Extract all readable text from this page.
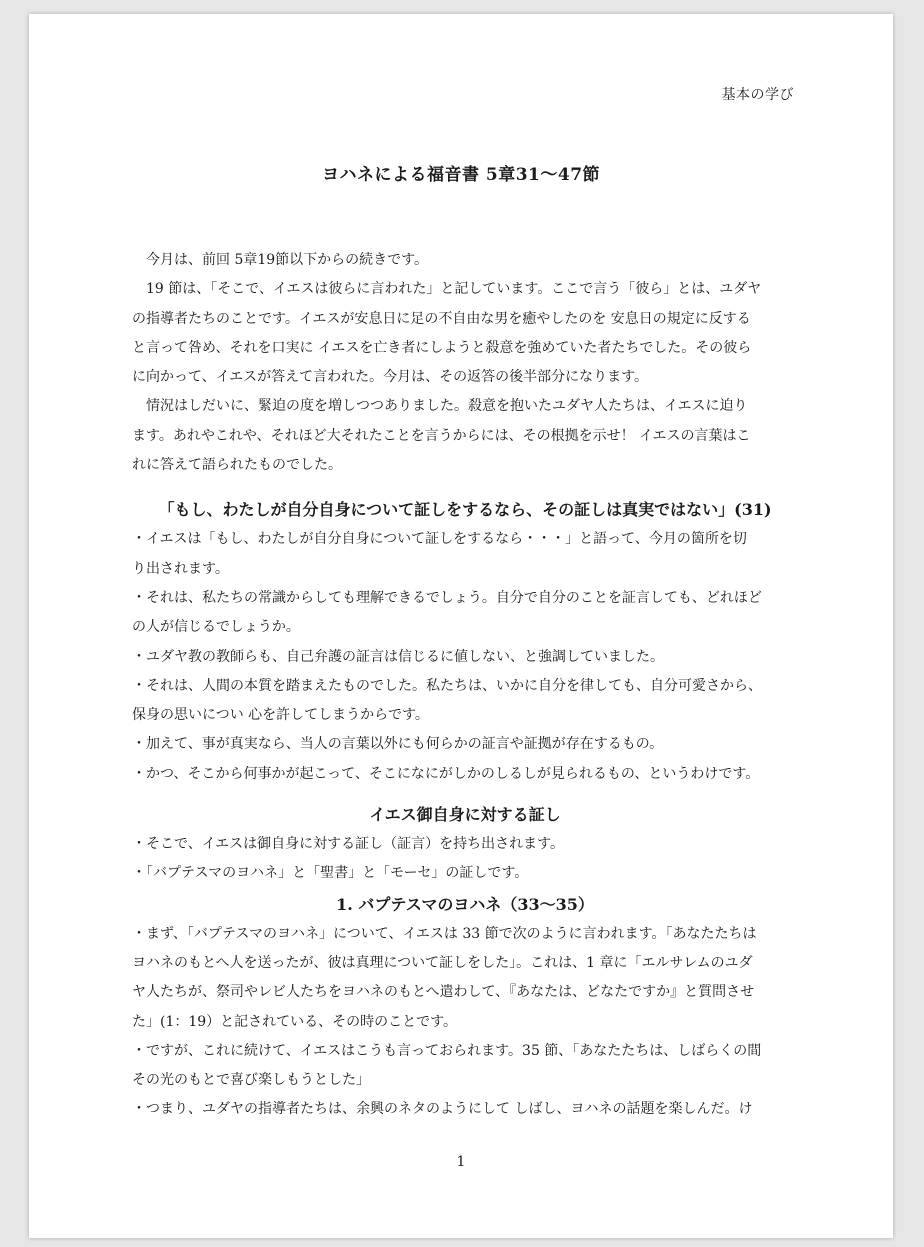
基本の学び
ヨハネによる福音書 5章31～47節
今月は、前回 5章19節以下からの続きです。
19 節は、「そこで、イエスは彼らに言われた」と記しています。ここで言う「彼ら」とは、ユダヤ
の指導者たちのことです。イエスが安息日に足の不自由な男を癒やしたのを 安息日の規定に反する
と言って咎め、それを口実に イエスを亡き者にしようと殺意を強めていた者たちでした。その彼ら
に向かって、イエスが答えて言われた。今月は、その返答の後半部分になります。
情況はしだいに、緊迫の度を増しつつありました。殺意を抱いたユダヤ人たちは、イエスに迫り
ます。あれやこれや、それほど大それたことを言うからには、その根拠を示せ！ イエスの言葉はこ
れに答えて語られたものでした。
「もし、わたしが自分自身について証しをするなら、その証しは真実ではない」(31)
・イエスは「もし、わたしが自分自身について証しをするなら・・・」と語って、今月の箇所を切
り出されます。
・それは、私たちの常識からしても理解できるでしょう。自分で自分のことを証言しても、どれほど
の人が信じるでしょうか。
・ユダヤ教の教師らも、自己弁護の証言は信じるに値しない、と強調していました。
・それは、人間の本質を踏まえたものでした。私たちは、いかに自分を律しても、自分可愛さから、
保身の思いについ 心を許してしまうからです。
・加えて、事が真実なら、当人の言葉以外にも何らかの証言や証拠が存在するもの。
・かつ、そこから何事かが起こって、そこになにがしかのしるしが見られるもの、というわけです。
イエス御自身に対する証し
・そこで、イエスは御自身に対する証し（証言）を持ち出されます。
・「バプテスマのヨハネ」と「聖書」と「モーセ」の証しです。
1. バプテスマのヨハネ（33～35）
・まず、「バプテスマのヨハネ」について、イエスは 33 節で次のように言われます。「あなたたちは
ヨハネのもとへ人を送ったが、彼は真理について証しをした」。これは、1 章に「エルサレムのユダ
ヤ人たちが、祭司やレビ人たちをヨハネのもとへ遣わして、『あなたは、どなたですか』と質問させ
た」(1：19）と記されている、その時のことです。
・ですが、これに続けて、イエスはこうも言っておられます。35 節、「あなたたちは、しばらくの間
その光のもとで喜び楽しもうとした」
・つまり、ユダヤの指導者たちは、余興のネタのようにして しばし、ヨハネの話題を楽しんだ。け
1
